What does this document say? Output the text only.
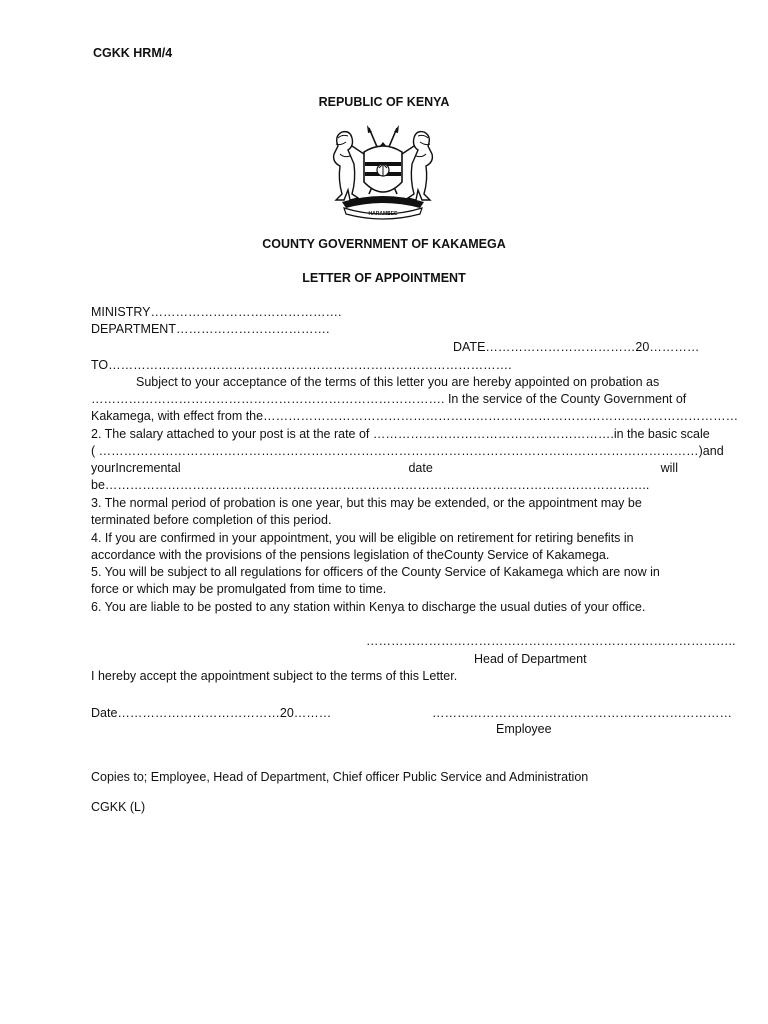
CGKK HRM/4
REPUBLIC OF KENYA
HARAMBEE
COUNTY GOVERNMENT OF KAKAMEGA
LETTER OF APPOINTMENT
MINISTRY……………………………………….
DEPARTMENT……………………………….
DATE………………………………20…………
TO…………………………………………………………………………………….
Subject to your acceptance of the terms of this letter you are hereby appointed on probation as
…………………………………………………………………………. In the service of the County Government of
Kakamega, with effect from the……………………………………………………………………………………………………
2. The salary attached to your post is at the rate of ………………………………………………….in the basic scale
( ………………………………………………………………………………………………………………………………)and
yourIncremental date will
be…………………………………………………………………………………………………………………..
3. The normal period of probation is one year, but this may be extended, or the appointment may be
terminated before completion of this period.
4. If you are confirmed in your appointment, you will be eligible on retirement for retiring benefits in
accordance with the provisions of the pensions legislation of theCounty Service of Kakamega.
5. You will be subject to all regulations for officers of the County Service of Kakamega which are now in
force or which may be promulgated from time to time.
6. You are liable to be posted to any station within Kenya to discharge the usual duties of your office.
……………………………………………………………………………..
Head of Department
I hereby accept the appointment subject to the terms of this Letter.
Date…………………………………20………	………………………………………………………………
Employee
Copies to; Employee, Head of Department, Chief officer Public Service and Administration
CGKK (L)
